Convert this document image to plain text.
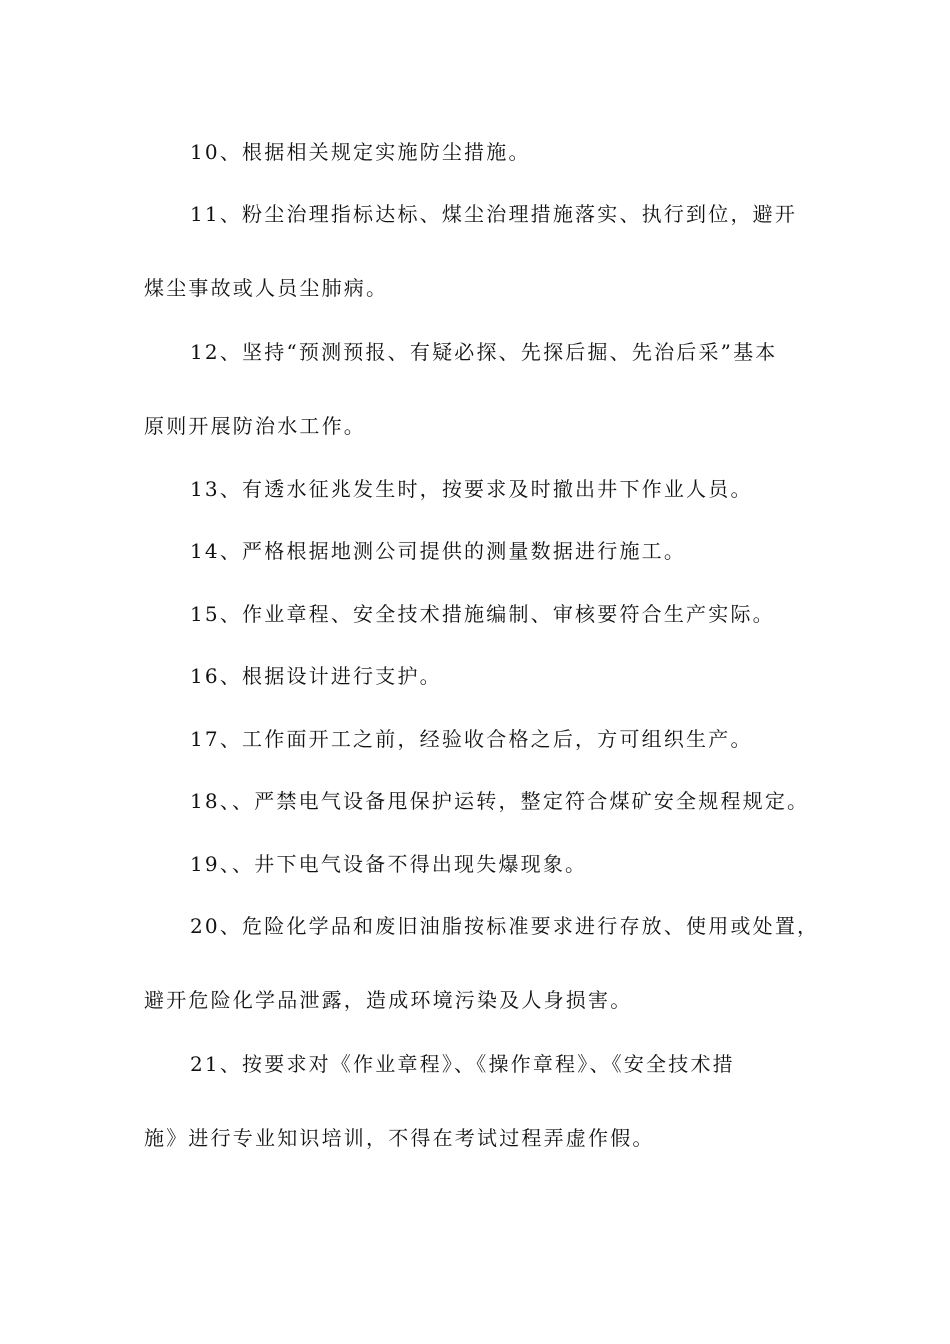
10、根据相关规定实施防尘措施。

11、粉尘治理指标达标、煤尘治理措施落实、执行到位，避开

煤尘事故或人员尘肺病。

12、坚持“预测预报、有疑必探、先探后掘、先治后采”基本

原则开展防治水工作。

13、有透水征兆发生时，按要求及时撤出井下作业人员。

14、严格根据地测公司提供的测量数据进行施工。

15、作业章程、安全技术措施编制、审核要符合生产实际。

16、根据设计进行支护。

17、工作面开工之前，经验收合格之后，方可组织生产。

18、、严禁电气设备甩保护运转，整定符合煤矿安全规程规定。

19、、井下电气设备不得出现失爆现象。

20、危险化学品和废旧油脂按标准要求进行存放、使用或处置，

避开危险化学品泄露，造成环境污染及人身损害。

21、按要求对《作业章程》、《操作章程》、《安全技术措

施》进行专业知识培训，不得在考试过程弄虚作假。
